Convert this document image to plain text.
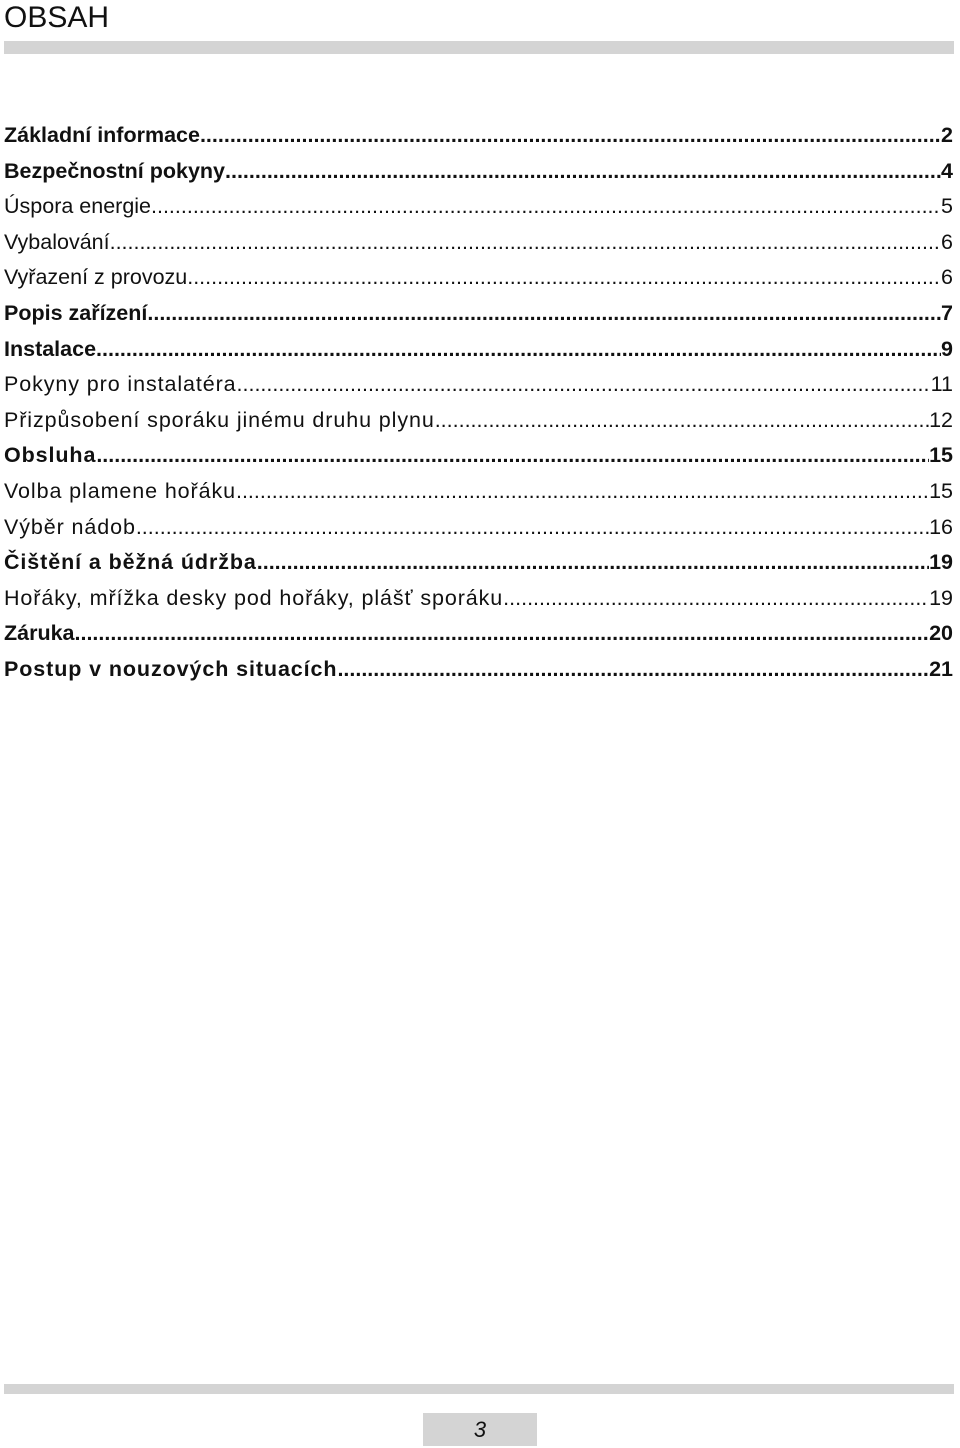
OBSAH
Základní informace .....	2
Bezpečnostní pokyny .....	4
Úspora energie .....	5
Vybalování .....	6
Vyřazení z provozu .....	6
Popis zařízení .....	7
Instalace .....	9
Pokyny pro instalatéra .....	11
Přizpůsobení sporáku jinému druhu plynu .....	12
Obsluha .....	15
Volba plamene hořáku .....	15
Výběr nádob .....	16
Čištění a běžná údržba .....	19
Hořáky, mřížka desky pod hořáky, plášť sporáku .....	19
Záruka .....	20
Postup v nouzových situacích .....	21
3
